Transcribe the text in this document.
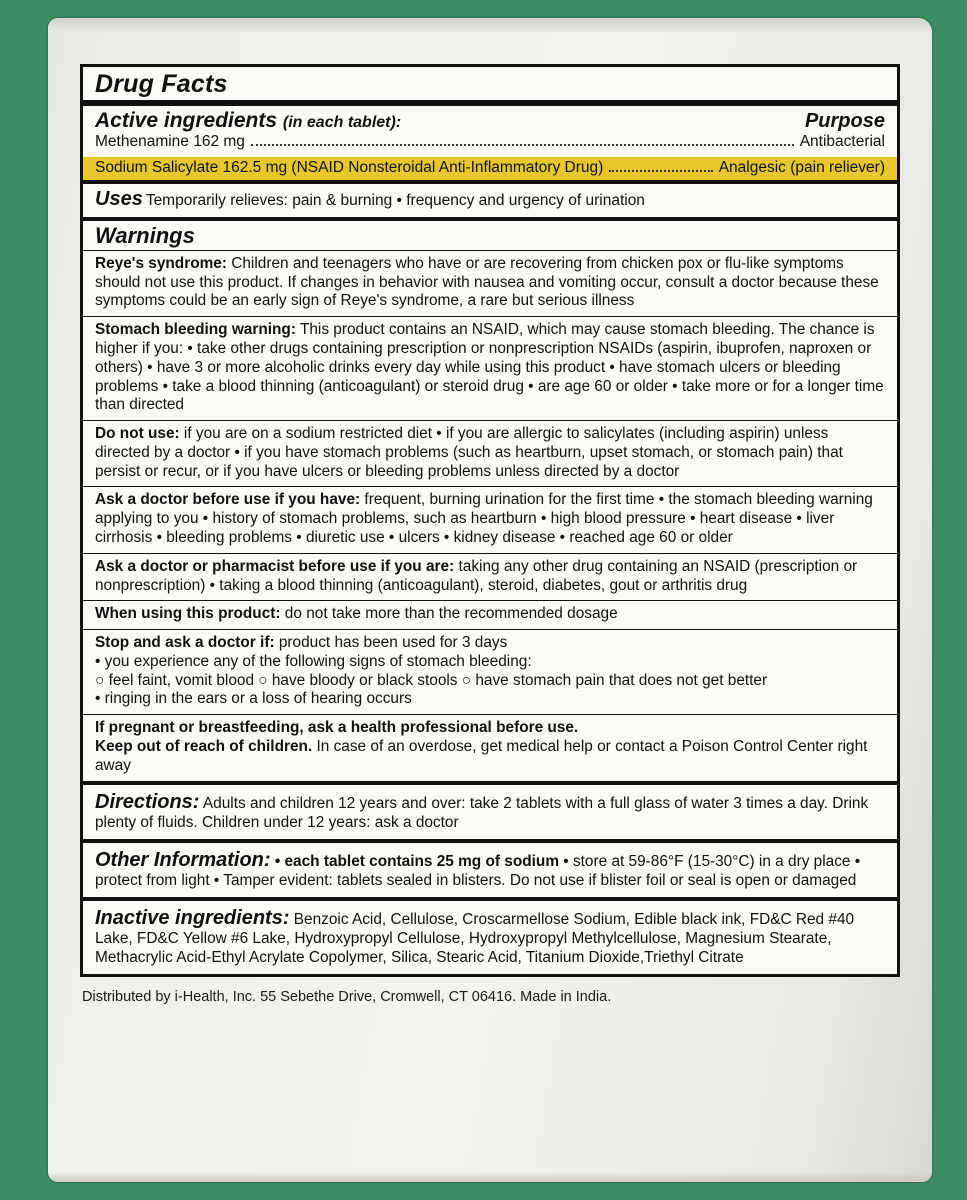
Drug Facts
Active ingredients (in each tablet):	Purpose
Methenamine 162 mg	Antibacterial
Sodium Salicylate 162.5 mg (NSAID Nonsteroidal Anti-Inflammatory Drug)	Analgesic (pain reliever)
Uses Temporarily relieves: pain & burning • frequency and urgency of urination
Warnings
Reye's syndrome: Children and teenagers who have or are recovering from chicken pox or flu-like symptoms should not use this product. If changes in behavior with nausea and vomiting occur, consult a doctor because these symptoms could be an early sign of Reye's syndrome, a rare but serious illness
Stomach bleeding warning: This product contains an NSAID, which may cause stomach bleeding. The chance is higher if you: • take other drugs containing prescription or nonprescription NSAIDs (aspirin, ibuprofen, naproxen or others) • have 3 or more alcoholic drinks every day while using this product • have stomach ulcers or bleeding problems • take a blood thinning (anticoagulant) or steroid drug • are age 60 or older • take more or for a longer time than directed
Do not use: if you are on a sodium restricted diet • if you are allergic to salicylates (including aspirin) unless directed by a doctor • if you have stomach problems (such as heartburn, upset stomach, or stomach pain) that persist or recur, or if you have ulcers or bleeding problems unless directed by a doctor
Ask a doctor before use if you have: frequent, burning urination for the first time • the stomach bleeding warning applying to you • history of stomach problems, such as heartburn • high blood pressure • heart disease • liver cirrhosis • bleeding problems • diuretic use • ulcers • kidney disease • reached age 60 or older
Ask a doctor or pharmacist before use if you are: taking any other drug containing an NSAID (prescription or nonprescription) • taking a blood thinning (anticoagulant), steroid, diabetes, gout or arthritis drug
When using this product: do not take more than the recommended dosage
Stop and ask a doctor if: product has been used for 3 days
• you experience any of the following signs of stomach bleeding:
○ feel faint, vomit blood ○ have bloody or black stools ○ have stomach pain that does not get better
• ringing in the ears or a loss of hearing occurs
If pregnant or breastfeeding, ask a health professional before use.
Keep out of reach of children. In case of an overdose, get medical help or contact a Poison Control Center right away
Directions: Adults and children 12 years and over: take 2 tablets with a full glass of water 3 times a day. Drink plenty of fluids. Children under 12 years: ask a doctor
Other Information: • each tablet contains 25 mg of sodium • store at 59-86°F (15-30°C) in a dry place • protect from light • Tamper evident: tablets sealed in blisters. Do not use if blister foil or seal is open or damaged
Inactive ingredients: Benzoic Acid, Cellulose, Croscarmellose Sodium, Edible black ink, FD&C Red #40 Lake, FD&C Yellow #6 Lake, Hydroxypropyl Cellulose, Hydroxypropyl Methylcellulose, Magnesium Stearate, Methacrylic Acid-Ethyl Acrylate Copolymer, Silica, Stearic Acid, Titanium Dioxide,Triethyl Citrate
Distributed by i-Health, Inc. 55 Sebethe Drive, Cromwell, CT 06416. Made in India.
